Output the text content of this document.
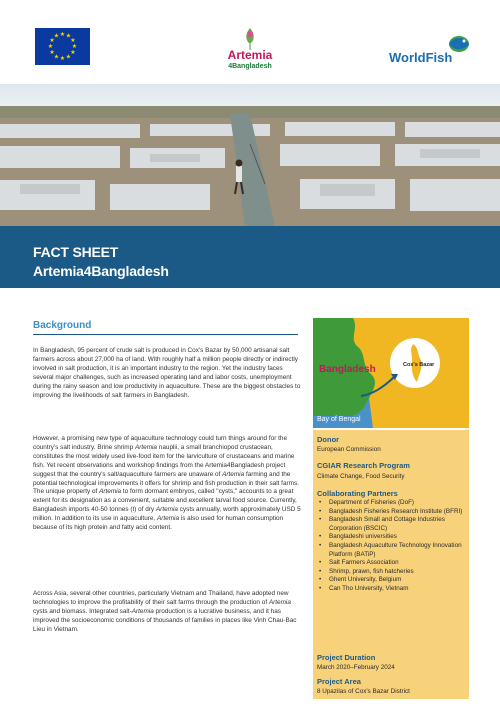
★ ★
★
★
★
★
★
★
★
★
★
★
Artemia
4Bangladesh
WorldFish
FACT SHEET
Artemia4Bangladesh
Background

In Bangladesh, 95 percent of crude salt is produced in Cox's Bazar by 50,000 artisanal salt farmers across about 27,000 ha of land. With roughly half a million people directly or indirectly involved in salt production, it is an important industry to the region. Yet the industry faces several major challenges, such as increased operating land and labor costs, unemployment during the rainy season and low productivity in aquaculture. These are the biggest obstacles to improving the livelihoods of salt farmers in Bangladesh.

However, a promising new type of aquaculture technology could turn things around for the country's salt industry. Brine shrimp Artemia nauplii, a small branchiopod crustacean, constitutes the most widely used live-food item for the larviculture of crustaceans and marine fish. Yet recent observations and workshop findings from the Artemia4Bangladesh project suggest that the country's salt/aquaculture farmers are unaware of Artemia farming and the potential technological improvements it offers for shrimp and fish production in their salt farms. The unique property of Artemia to form dormant embryos, called "cysts," accounts to a great extent for its designation as a convenient, suitable and excellent larval food source. Currently, Bangladesh imports 40-50 tonnes (t) of dry Artemia cysts annually, worth approximately USD 5 million. In addition to its use in aquaculture, Artemia is also used for human consumption because of its high protein and fatty acid content.

Across Asia, several other countries, particularly Vietnam and Thailand, have adopted new technologies to improve the profitability of their salt farms through the production of Artemia cysts and biomass. Integrated salt-Artemia production is a lucrative business, and it has improved the socioeconomic conditions of thousands of families in places like Vinh Chau-Bac Lieu in Vietnam.

Bangladesh
Bay of Bengal
Cox's Bazar

Donor

European Commission

CGIAR Research Program

Climate Change, Food Security

Collaborating Partners

• Department of Fisheries (DoF)
• Bangladesh Fisheries Research Institute (BFRI)
• Bangladesh Small and Cottage Industries Corporation (BSCIC)
• Bangladeshi universities
• Bangladesh Aquaculture Technology Innovation Platform (BATiP)
• Salt Farmers Association
• Shrimp, prawn, fish hatcheries
• Ghent University, Belgium
• Can Tho University, Vietnam

Project Duration

March 2020–February 2024

Project Area

8 Upazilas of Cox's Bazar District
